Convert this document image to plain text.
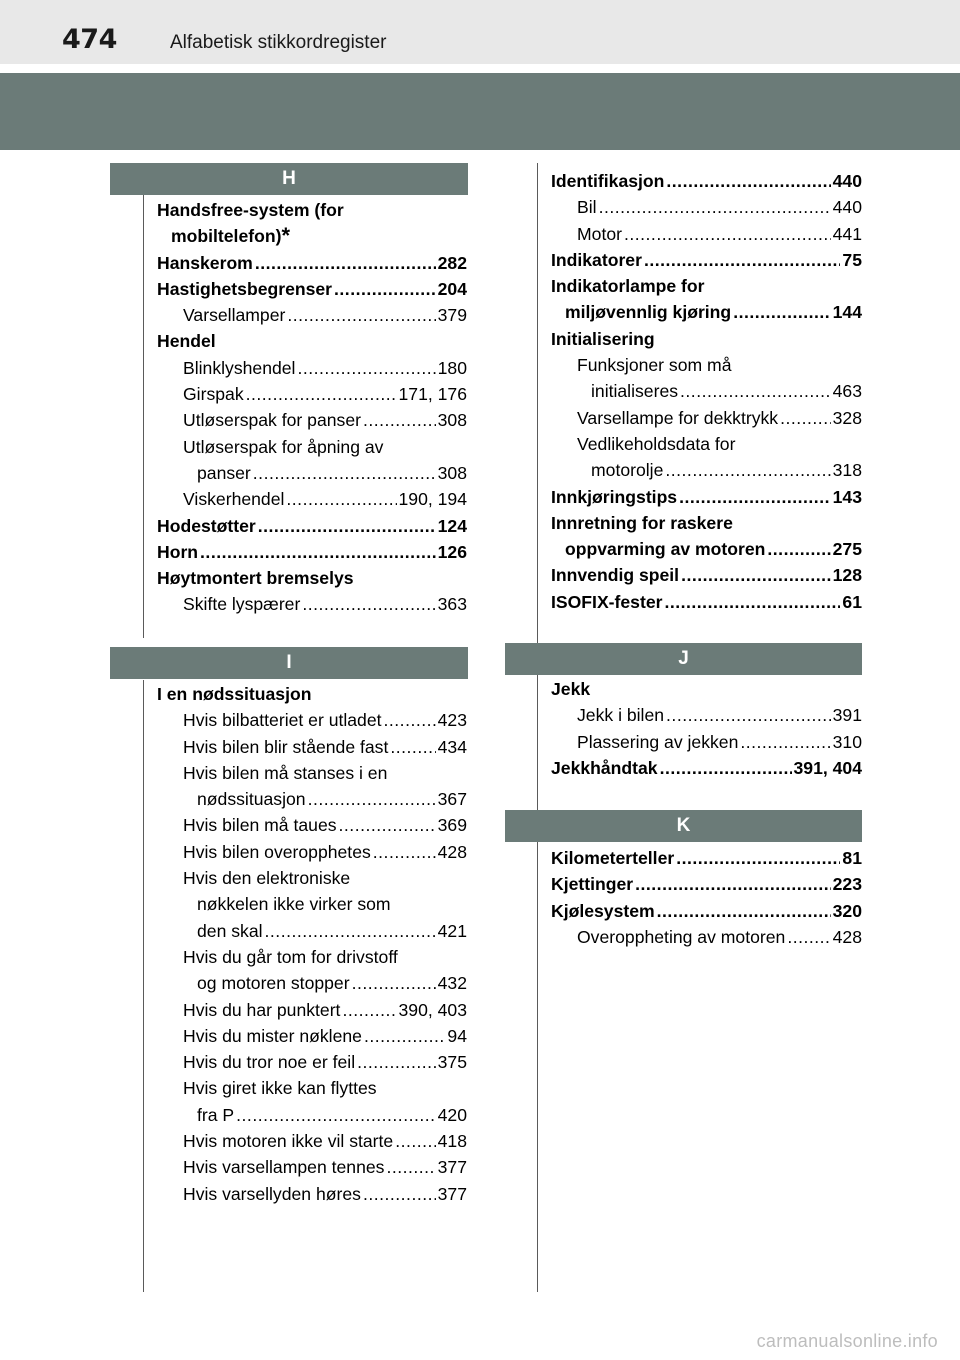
474	Alfabetisk stikkordregister
H
Handsfree-system (for
mobiltelefon) *
Hanskerom .....	282
Hastighetsbegrenser .....	204
Varsellamper .....	379
Hendel
Blinklyshendel .....	180
Girspak .....	171, 176
Utløserspak for panser .....	308
Utløserspak for åpning av
panser .....	308
Viskerhendel .....	190, 194
Hodestøtter .....	124
Horn .....	126
Høytmontert bremselys
Skifte lyspærer .....	363
I
I en nødssituasjon
Hvis bilbatteriet er utladet .....	423
Hvis bilen blir stående fast .....	434
Hvis bilen må stanses i en
nødssituasjon .....	367
Hvis bilen må taues .....	369
Hvis bilen overopphetes .....	428
Hvis den elektroniske
nøkkelen ikke virker som
den skal .....	421
Hvis du går tom for drivstoff
og motoren stopper .....	432
Hvis du har punktert .....	390, 403
Hvis du mister nøklene .....	94
Hvis du tror noe er feil .....	375
Hvis giret ikke kan flyttes
fra P .....	420
Hvis motoren ikke vil starte .....	418
Hvis varsellampen tennes .....	377
Hvis varsellyden høres .....	377
Identifikasjon .....	440
Bil .....	440
Motor .....	441
Indikatorer .....	75
Indikatorlampe for
miljøvennlig kjøring .....	144
Initialisering
Funksjoner som må
initialiseres .....	463
Varsellampe for dekktrykk .....	328
Vedlikeholdsdata for
motorolje .....	318
Innkjøringstips .....	143
Innretning for raskere
oppvarming av motoren .....	275
Innvendig speil .....	128
ISOFIX-fester .....	61
J
Jekk
Jekk i bilen .....	391
Plassering av jekken .....	310
Jekkhåndtak .....	391, 404
K
Kilometerteller .....	81
Kjettinger .....	223
Kjølesystem .....	320
Overoppheting av motoren .....	428
carmanualsonline.info
